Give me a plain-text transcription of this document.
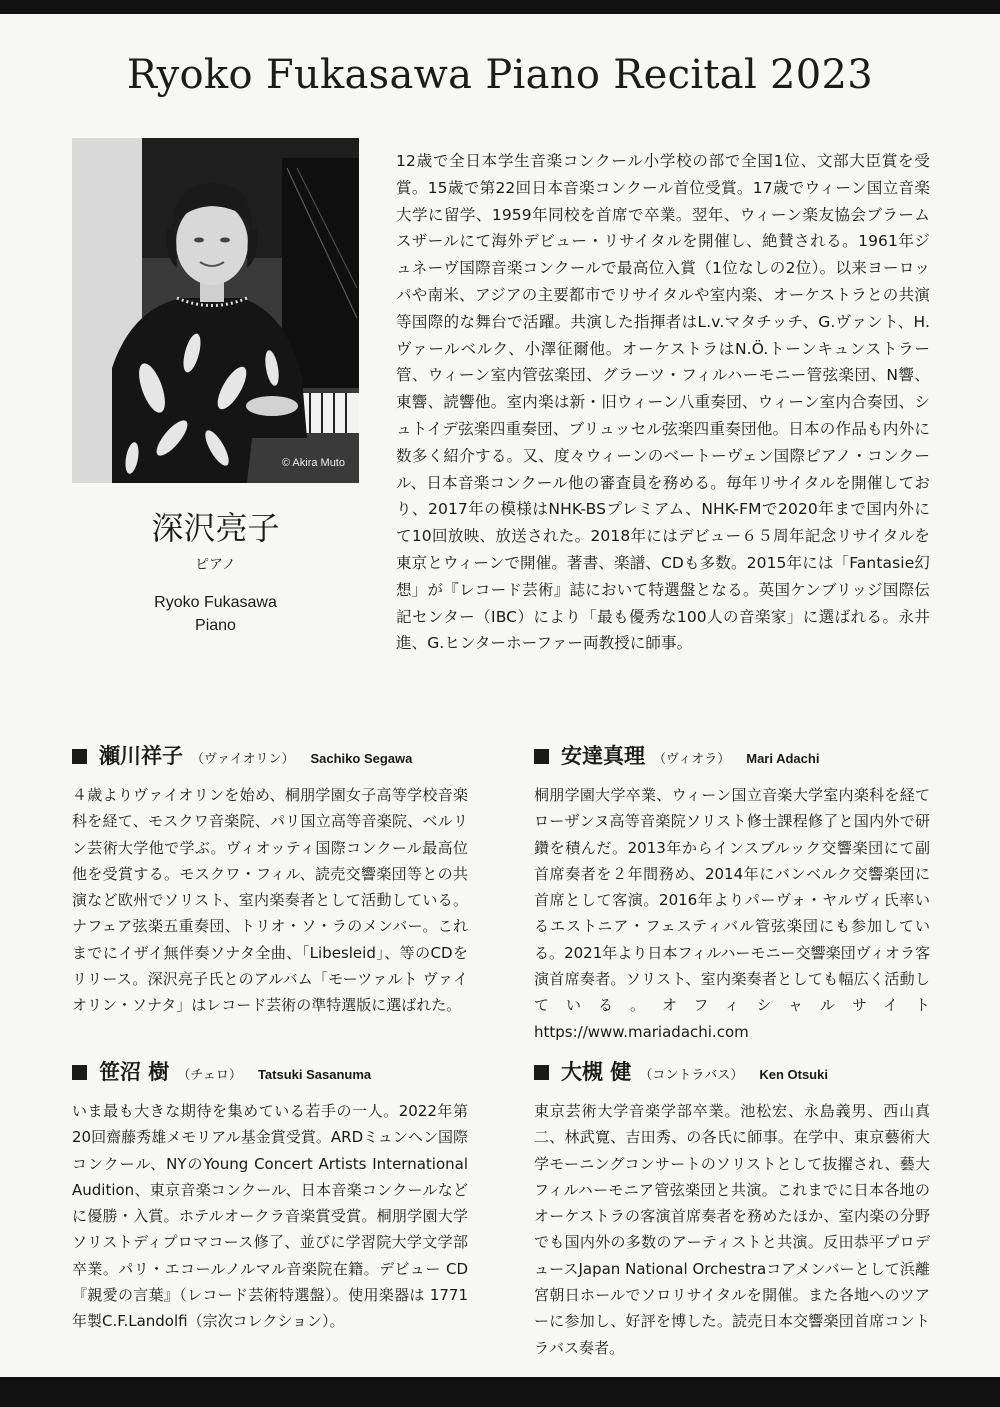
Ryoko Fukasawa Piano Recital 2023
© Akira Muto
深沢亮子
ピアノ
Ryoko Fukasawa
Piano
12歳で全日本学生音楽コンクール小学校の部で全国1位、文部大臣賞を受賞。15歳で第22回日本音楽コンクール首位受賞。17歳でウィーン国立音楽大学に留学、1959年同校を首席で卒業。翌年、ウィーン楽友協会ブラームスザールにて海外デビュー・リサイタルを開催し、絶賛される。1961年ジュネーヴ国際音楽コンクールで最高位入賞（1位なしの2位）。以来ヨーロッパや南米、アジアの主要都市でリサイタルや室内楽、オーケストラとの共演等国際的な舞台で活躍。共演した指揮者はL.v.マタチッチ、G.ヴァント、H.ヴァールベルク、小澤征爾他。オーケストラはN.Ö.トーンキュンストラー管、ウィーン室内管弦楽団、グラーツ・フィルハーモニー管弦楽団、N響、東響、読響他。室内楽は新・旧ウィーン八重奏団、ウィーン室内合奏団、シュトイデ弦楽四重奏団、ブリュッセル弦楽四重奏団他。日本の作品も内外に数多く紹介する。又、度々ウィーンのベートーヴェン国際ピアノ・コンクール、日本音楽コンクール他の審査員を務める。毎年リサイタルを開催しており、2017年の模様はNHK-BSプレミアム、NHK-FMで2020年まで国内外にて10回放映、放送された。2018年にはデビュー６５周年記念リサイタルを東京とウィーンで開催。著書、楽譜、CDも多数。2015年には「Fantasie幻想」が『レコード芸術』誌において特選盤となる。英国ケンブリッジ国際伝記センター（IBC）により「最も優秀な100人の音楽家」に選ばれる。永井 進、G.ヒンターホーファー両教授に師事。
瀬川祥子 （ヴァイオリン） Sachiko Segawa
４歳よりヴァイオリンを始め、桐朋学園女子高等学校音楽科を経て、モスクワ音楽院、パリ国立高等音楽院、ベルリン芸術大学他で学ぶ。ヴィオッティ国際コンクール最高位他を受賞する。モスクワ・フィル、読売交響楽団等との共演など欧州でソリスト、室内楽奏者として活動している。ナフェア弦楽五重奏団、トリオ・ソ・ラのメンバー。これまでにイザイ無伴奏ソナタ全曲、「Libesleid」、等のCDをリリース。深沢亮子氏とのアルバム「モーツァルト ヴァイオリン・ソナタ」はレコード芸術の準特選版に選ばれた。
安達真理 （ヴィオラ） Mari Adachi
桐朋学園大学卒業、ウィーン国立音楽大学室内楽科を経てローザンヌ高等音楽院ソリスト修士課程修了と国内外で研鑽を積んだ。2013年からインスブルック交響楽団にて副首席奏者を２年間務め、2014年にバンベルク交響楽団に首席として客演。2016年よりパーヴォ・ヤルヴィ氏率いるエストニア・フェスティバル管弦楽団にも参加している。2021年より日本フィルハーモニー交響楽団ヴィオラ客演首席奏者。ソリスト、室内楽奏者としても幅広く活動している。オフィシャルサイト https://www.mariadachi.com
笹沼 樹 （チェロ） Tatsuki Sasanuma
いま最も大きな期待を集めている若手の一人。2022年第20回齋藤秀雄メモリアル基金賞受賞。ARDミュンヘン国際コンクール、NYのYoung Concert Artists International Audition、東京音楽コンクール、日本音楽コンクールなどに優勝・入賞。ホテルオークラ音楽賞受賞。桐朋学園大学ソリストディプロマコース修了、並びに学習院大学文学部卒業。パリ・エコールノルマル音楽院在籍。デビュー CD『親愛の言葉』（レコード芸術特選盤）。使用楽器は 1771 年製C.F.Landolfi（宗次コレクション）。
大槻 健 （コントラバス） Ken Otsuki
東京芸術大学音楽学部卒業。池松宏、永島義男、西山真二、林武寛、吉田秀、の各氏に師事。在学中、東京藝術大学モーニングコンサートのソリストとして抜擢され、藝大フィルハーモニア管弦楽団と共演。これまでに日本各地のオーケストラの客演首席奏者を務めたほか、室内楽の分野でも国内外の多数のアーティストと共演。反田恭平プロデュースJapan National Orchestraコアメンバーとして浜離宮朝日ホールでソロリサイタルを開催。また各地へのツアーに参加し、好評を博した。読売日本交響楽団首席コントラバス奏者。
